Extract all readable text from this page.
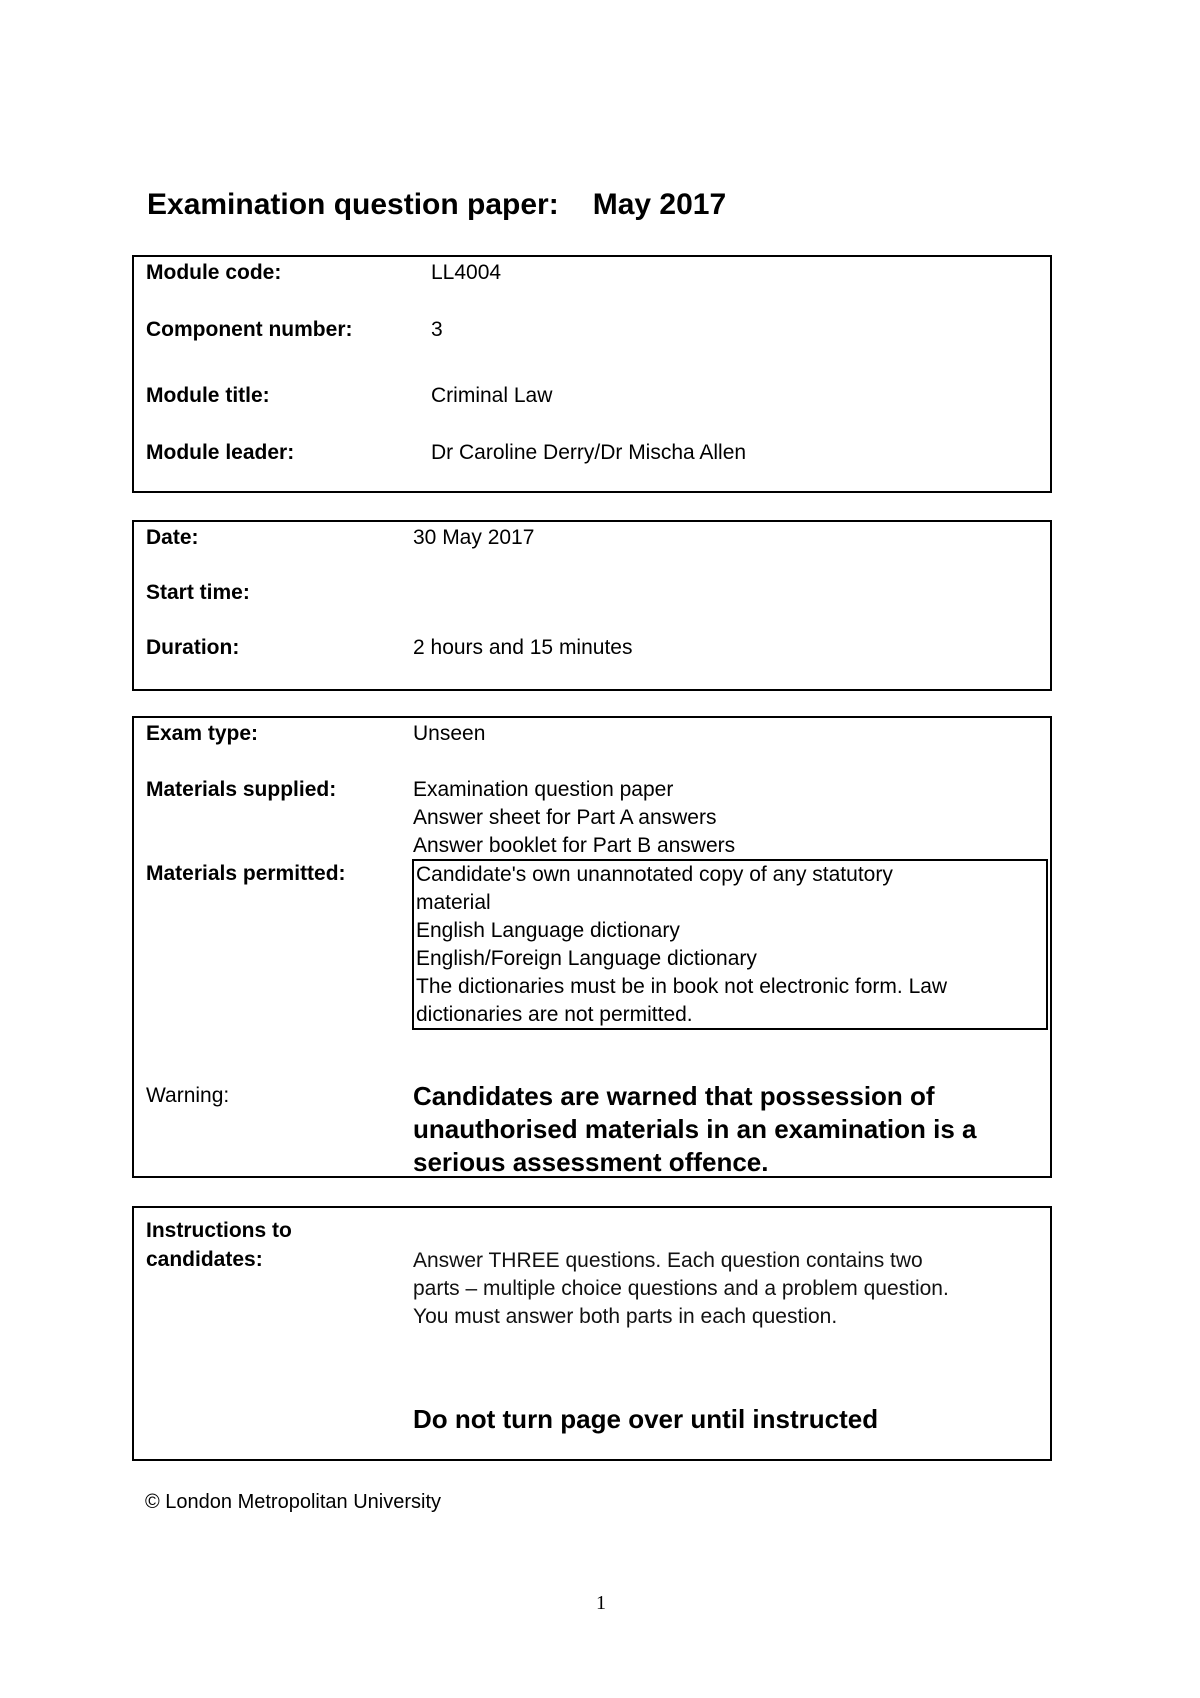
Examination question paper: May 2017
Module code:	LL4004
Component number:	3
Module title:	Criminal Law
Module leader:	Dr Caroline Derry/Dr Mischa Allen
Date:	30 May 2017
Start time:
Duration:	2 hours and 15 minutes
Exam type:	Unseen
Materials supplied:	Examination question paper
Answer sheet for Part A answers
Answer booklet for Part B answers
Materials permitted:	Candidate's own unannotated copy of any statutory
material
English Language dictionary
English/Foreign Language dictionary
The dictionaries must be in book not electronic form. Law
dictionaries are not permitted.
Warning:	Candidates are warned that possession of unauthorised materials in an examination is a serious assessment offence.
Instructions to
candidates:	Answer THREE questions. Each question contains two
parts – multiple choice questions and a problem question.
You must answer both parts in each question.
Do not turn page over until instructed
© London Metropolitan University
1
